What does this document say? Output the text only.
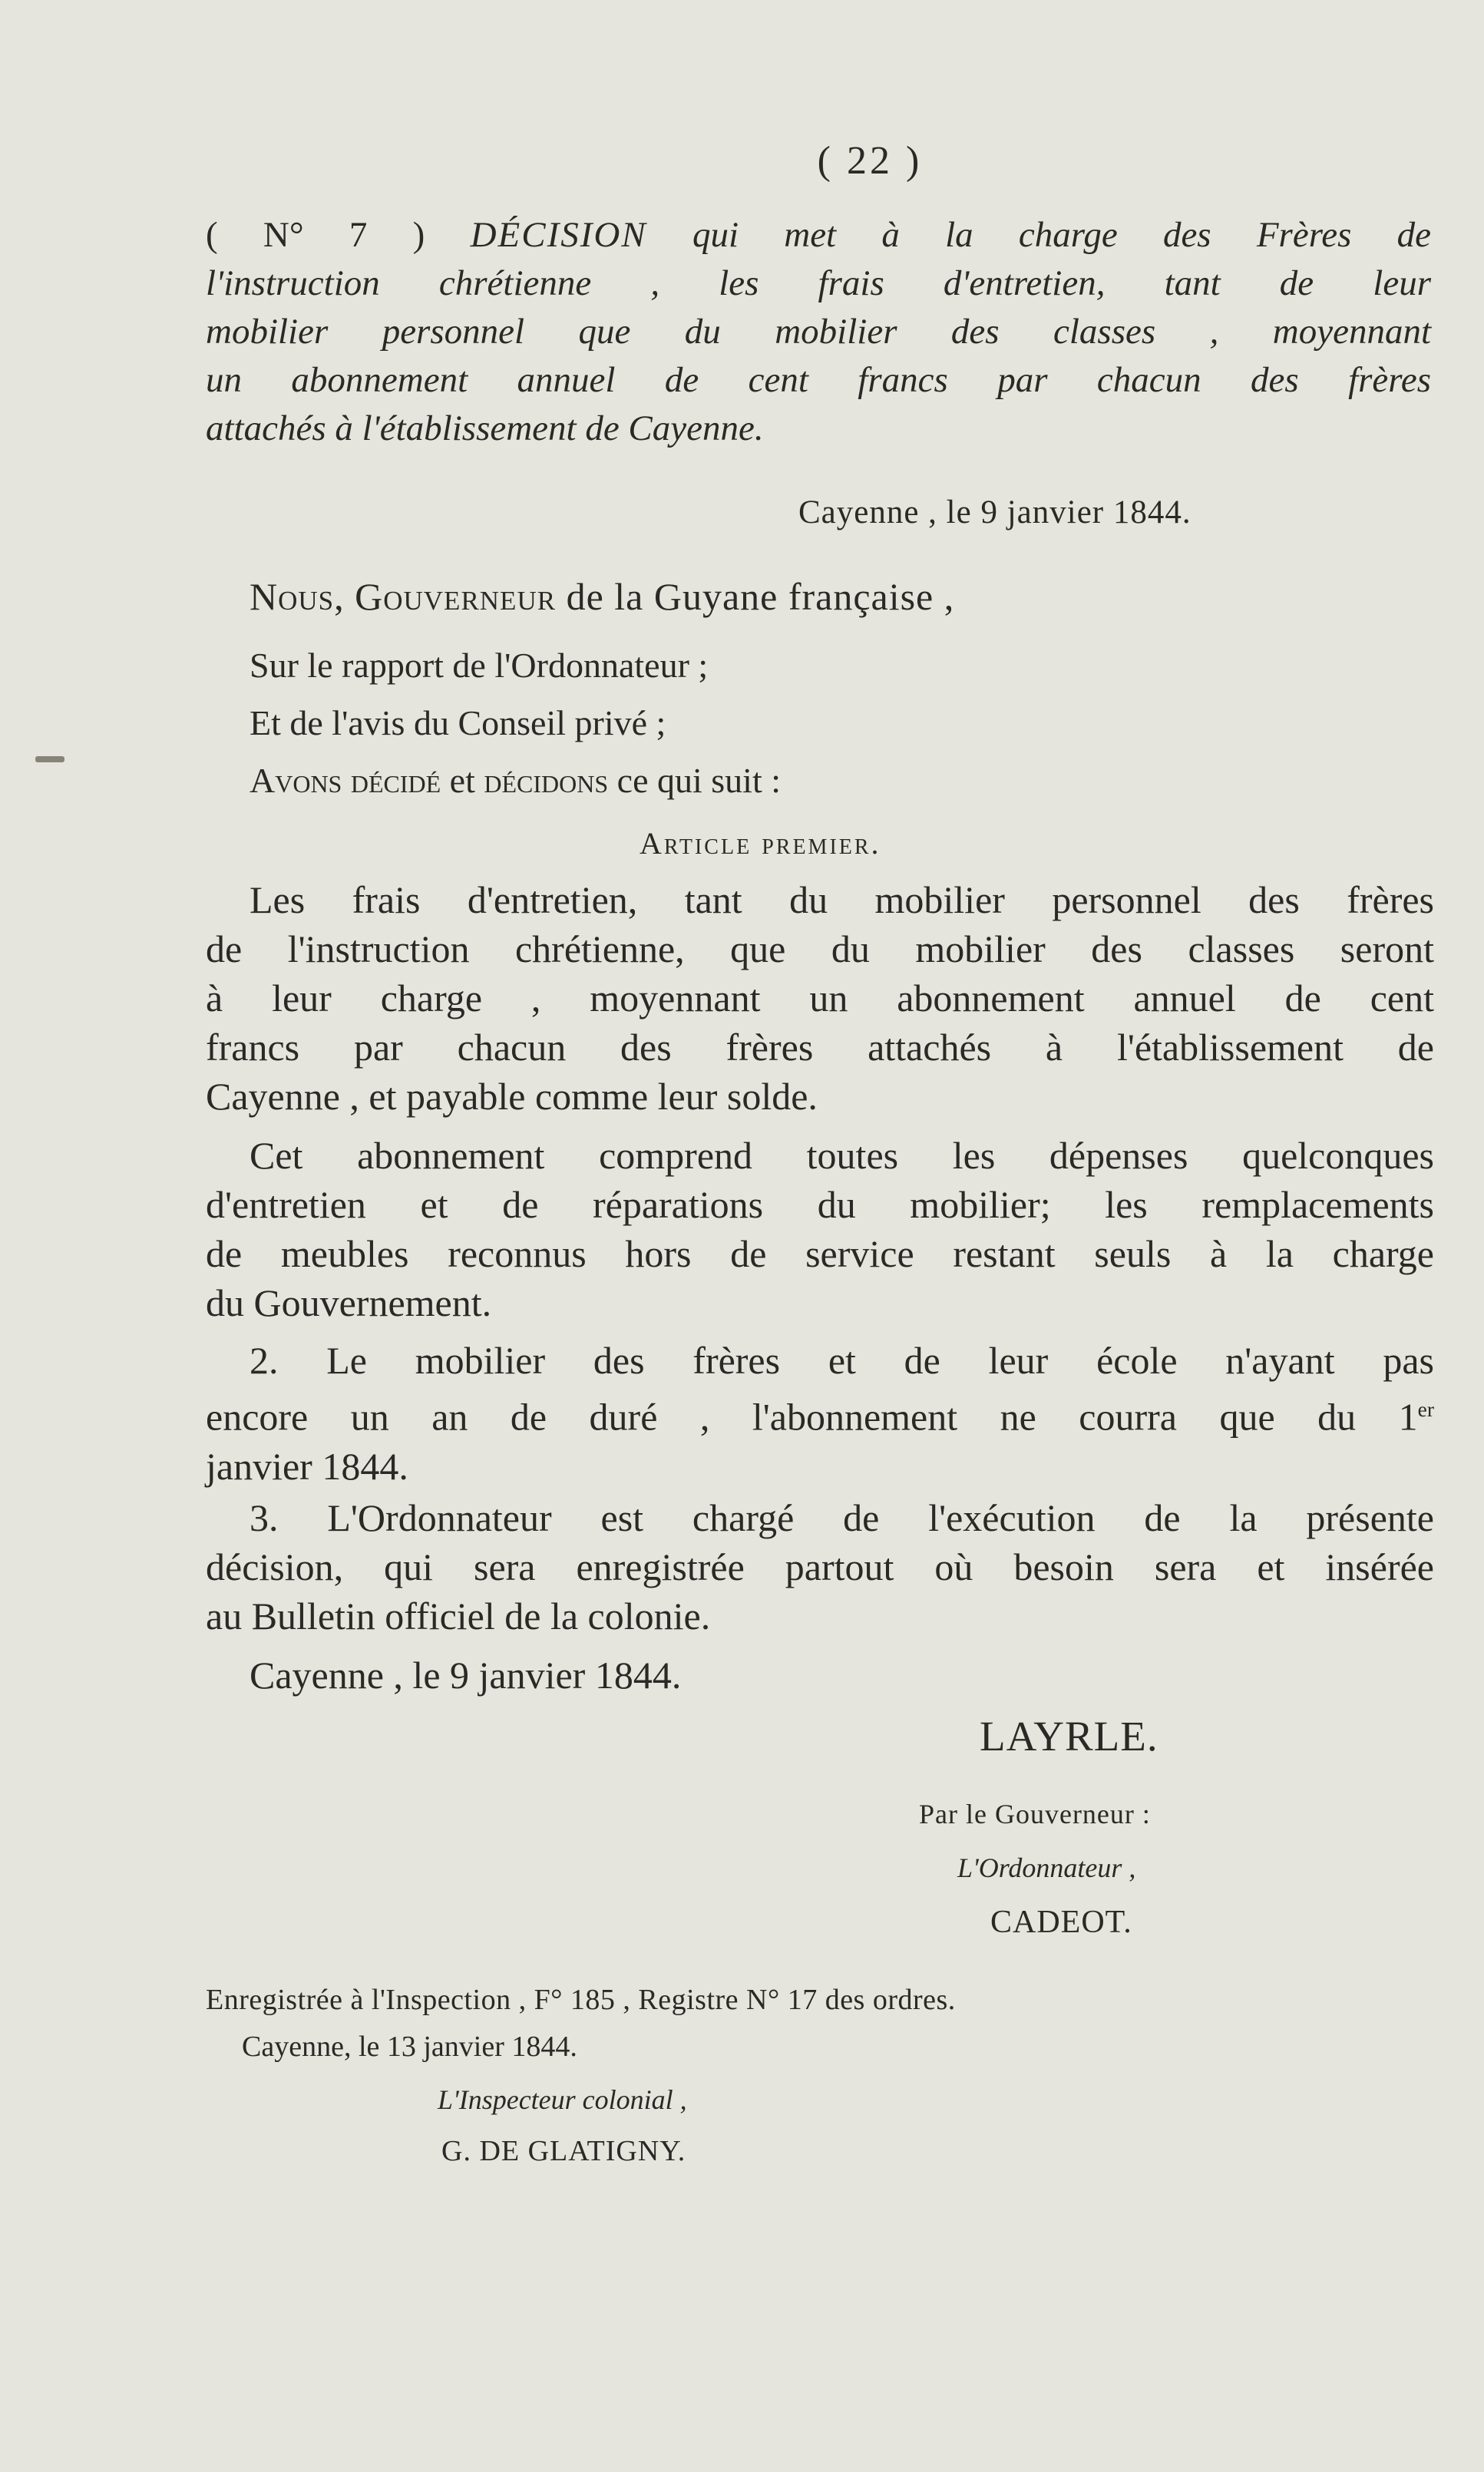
( 22 )
( N° 7 ) DÉCISION qui met à la charge des Frères de
l'instruction chrétienne , les frais d'entretien, tant de leur
mobilier personnel que du mobilier des classes , moyennant
un abonnement annuel de cent francs par chacun des frères
attachés à l'établissement de Cayenne.
Cayenne , le 9 janvier 1844.
Nous, Gouverneur de la Guyane française ,
Sur le rapport de l'Ordonnateur ;
Et de l'avis du Conseil privé ;
Avons décidé et décidons ce qui suit :
Article premier.
Les frais d'entretien, tant du mobilier personnel des frères
de l'instruction chrétienne, que du mobilier des classes seront
à leur charge , moyennant un abonnement annuel de cent
francs par chacun des frères attachés à l'établissement de
Cayenne , et payable comme leur solde.
Cet abonnement comprend toutes les dépenses quelconques
d'entretien et de réparations du mobilier; les remplacements
de meubles reconnus hors de service restant seuls à la charge
du Gouvernement.
2. Le mobilier des frères et de leur école n'ayant pas
encore un an de duré , l'abonnement ne courra que du 1er
janvier 1844.
3. L'Ordonnateur est chargé de l'exécution de la présente
décision, qui sera enregistrée partout où besoin sera et insérée
au Bulletin officiel de la colonie.
Cayenne , le 9 janvier 1844.
LAYRLE.
Par le Gouverneur :
L'Ordonnateur ,
CADEOT.
Enregistrée à l'Inspection , F° 185 , Registre N° 17 des ordres.
Cayenne, le 13 janvier 1844.
L'Inspecteur colonial ,
G. DE GLATIGNY.
